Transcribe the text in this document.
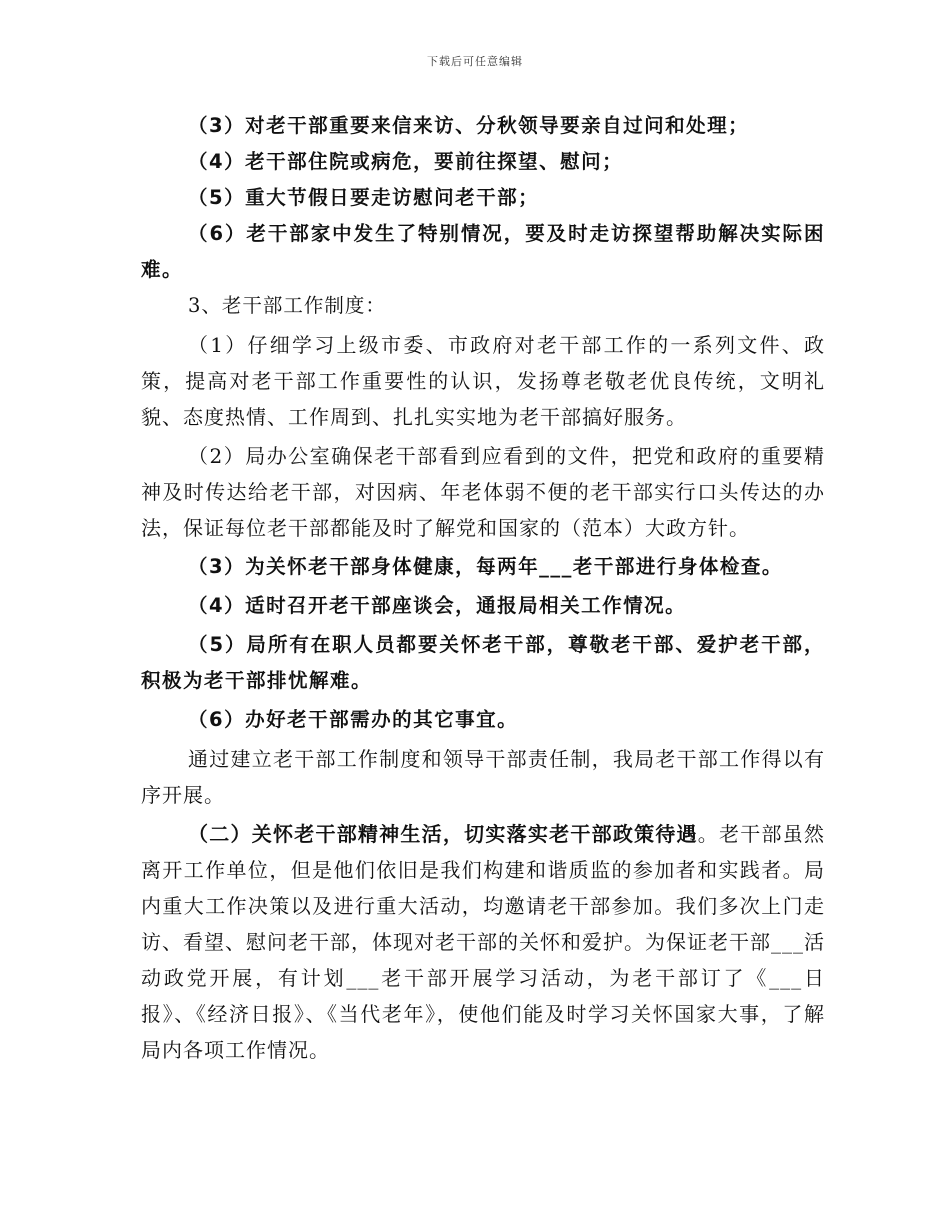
下载后可任意编辑

（3）对老干部重要来信来访、分秋领导要亲自过问和处理；

（4）老干部住院或病危，要前往探望、慰问；

（5）重大节假日要走访慰问老干部；

（6）老干部家中发生了特别情况，要及时走访探望帮助解决实际困难。

3、老干部工作制度：

（1）仔细学习上级市委、市政府对老干部工作的一系列文件、政策，提高对老干部工作重要性的认识，发扬尊老敬老优良传统，文明礼貌、态度热情、工作周到、扎扎实实地为老干部搞好服务。

（2）局办公室确保老干部看到应看到的文件，把党和政府的重要精神及时传达给老干部，对因病、年老体弱不便的老干部实行口头传达的办法，保证每位老干部都能及时了解党和国家的（范本）大政方针。

（3）为关怀老干部身体健康，每两年___老干部进行身体检查。

（4）适时召开老干部座谈会，通报局相关工作情况。

（5）局所有在职人员都要关怀老干部，尊敬老干部、爱护老干部，积极为老干部排忧解难。

（6）办好老干部需办的其它事宜。

通过建立老干部工作制度和领导干部责任制，我局老干部工作得以有序开展。

（二）关怀老干部精神生活，切实落实老干部政策待遇。老干部虽然离开工作单位，但是他们依旧是我们构建和谐质监的参加者和实践者。局内重大工作决策以及进行重大活动，均邀请老干部参加。我们多次上门走访、看望、慰问老干部，体现对老干部的关怀和爱护。为保证老干部___活动政党开展，有计划___老干部开展学习活动，为老干部订了《___日报》、《经济日报》、《当代老年》，使他们能及时学习关怀国家大事，了解局内各项工作情况。
